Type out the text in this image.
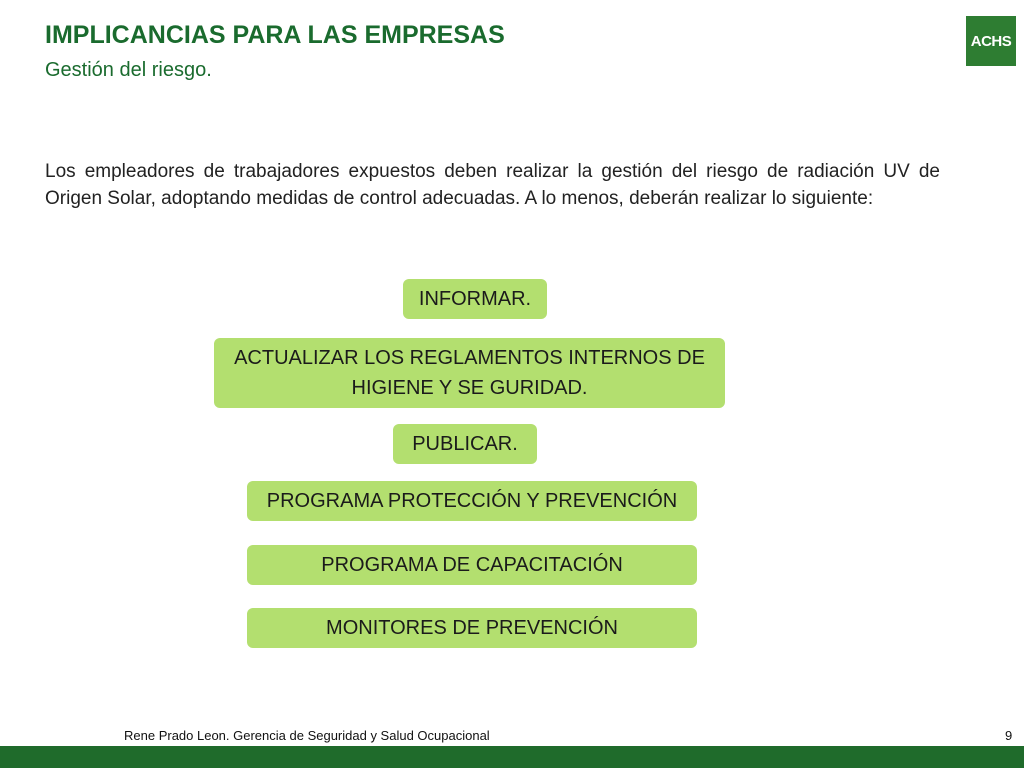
IMPLICANCIAS PARA LAS EMPRESAS
Gestión del riesgo.
ACHS

Los empleadores de trabajadores expuestos deben realizar la gestión del riesgo de radiación UV de Origen Solar, adoptando medidas de control adecuadas. A lo menos, deberán realizar lo siguiente:

INFORMAR.
ACTUALIZAR LOS REGLAMENTOS INTERNOS DE HIGIENE Y SE GURIDAD.
PUBLICAR.
PROGRAMA PROTECCIÓN Y PREVENCIÓN
PROGRAMA DE CAPACITACIÓN
MONITORES DE PREVENCIÓN
Rene Prado Leon. Gerencia de Seguridad y Salud Ocupacional	9
